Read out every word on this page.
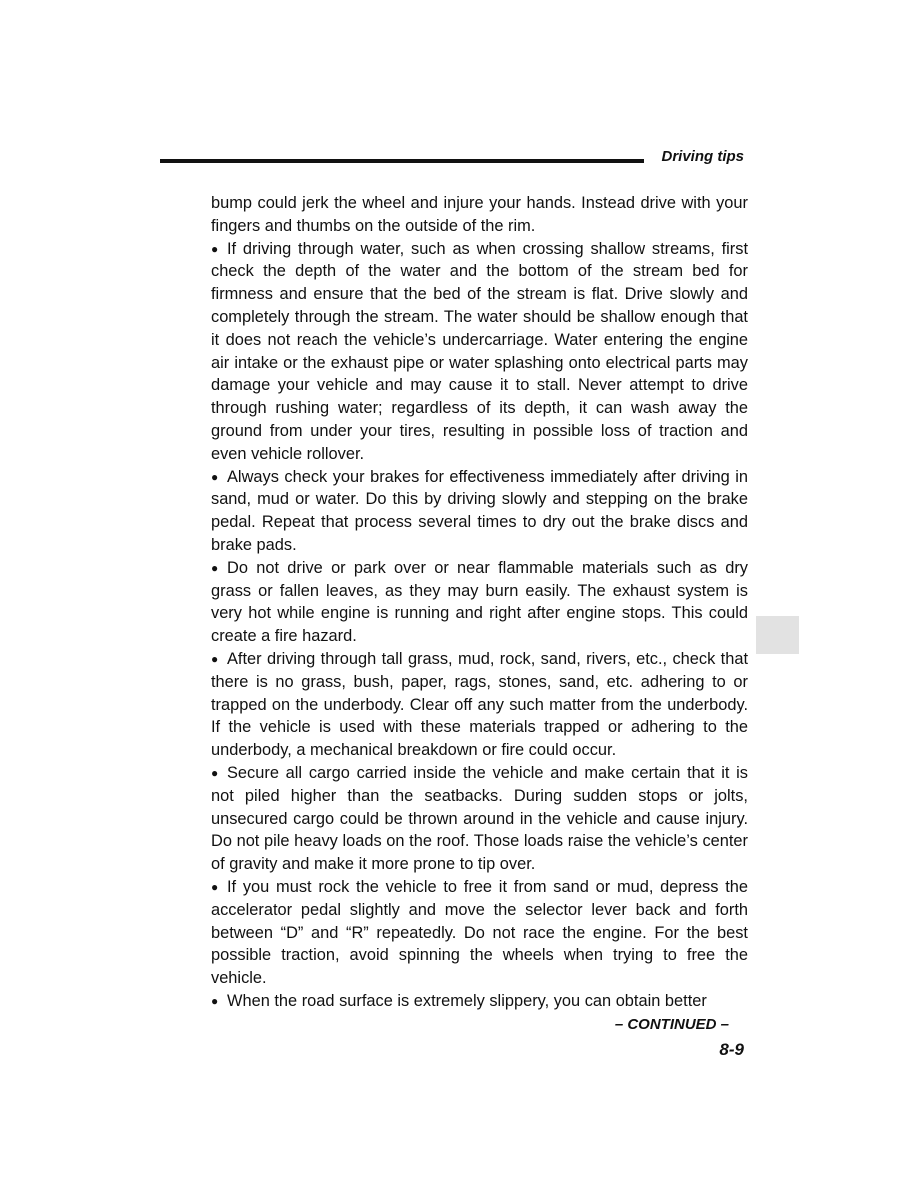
Driving tips

bump could jerk the wheel and injure your hands. Instead drive with your fingers and thumbs on the outside of the rim.

● If driving through water, such as when crossing shallow streams, first check the depth of the water and the bottom of the stream bed for firmness and ensure that the bed of the stream is flat. Drive slowly and completely through the stream. The water should be shallow enough that it does not reach the vehicle’s undercarriage. Water entering the engine air intake or the exhaust pipe or water splashing onto electrical parts may damage your vehicle and may cause it to stall. Never attempt to drive through rushing water; regardless of its depth, it can wash away the ground from under your tires, resulting in possible loss of traction and even vehicle rollover.

● Always check your brakes for effectiveness immediately after driving in sand, mud or water. Do this by driving slowly and stepping on the brake pedal. Repeat that process several times to dry out the brake discs and brake pads.

● Do not drive or park over or near flammable materials such as dry grass or fallen leaves, as they may burn easily. The exhaust system is very hot while engine is running and right after engine stops. This could create a fire hazard.

● After driving through tall grass, mud, rock, sand, rivers, etc., check that there is no grass, bush, paper, rags, stones, sand, etc. adhering to or trapped on the underbody. Clear off any such matter from the underbody. If the vehicle is used with these materials trapped or adhering to the underbody, a mechanical breakdown or fire could occur.

● Secure all cargo carried inside the vehicle and make certain that it is not piled higher than the seatbacks. During sudden stops or jolts, unsecured cargo could be thrown around in the vehicle and cause injury. Do not pile heavy loads on the roof. Those loads raise the vehicle’s center of gravity and make it more prone to tip over.

● If you must rock the vehicle to free it from sand or mud, depress the accelerator pedal slightly and move the selector lever back and forth between “D” and “R” repeatedly. Do not race the engine. For the best possible traction, avoid spinning the wheels when trying to free the vehicle.

● When the road surface is extremely slippery, you can obtain better

– CONTINUED –
8-9
